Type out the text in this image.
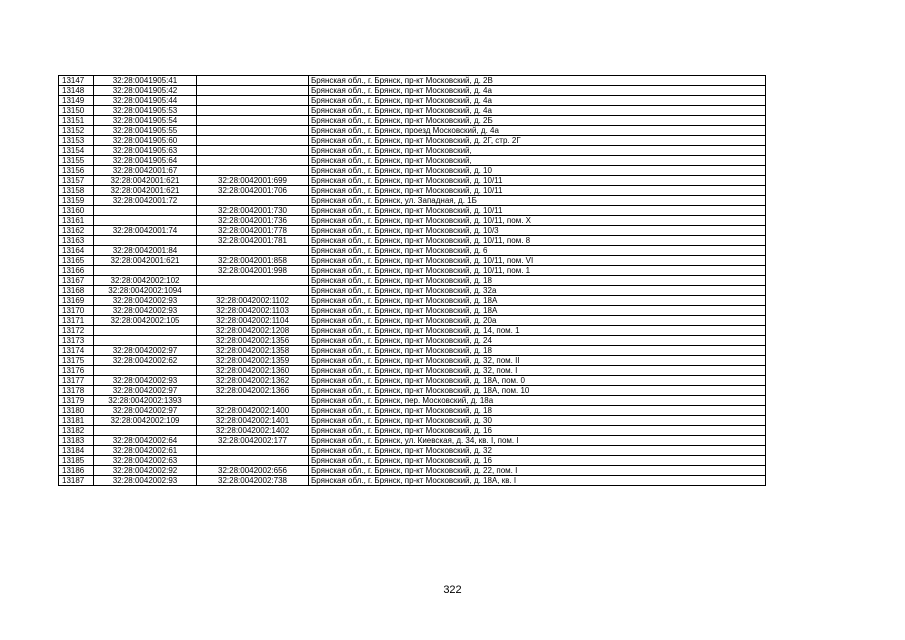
13147	32:28:0041905:41		Брянская обл., г. Брянск, пр-кт Московский, д. 2В
13148	32:28:0041905:42		Брянская обл., г. Брянск, пр-кт Московский, д. 4а
13149	32:28:0041905:44		Брянская обл., г. Брянск, пр-кт Московский, д. 4а
13150	32:28:0041905:53		Брянская обл., г. Брянск, пр-кт Московский, д. 4а
13151	32:28:0041905:54		Брянская обл., г. Брянск, пр-кт Московский, д. 2Б
13152	32:28:0041905:55		Брянская обл., г. Брянск, проезд Московский, д. 4а
13153	32:28:0041905:60		Брянская обл., г. Брянск, пр-кт Московский, д. 2Г, стр. 2Г
13154	32:28:0041905:63		Брянская обл., г. Брянск, пр-кт Московский,
13155	32:28:0041905:64		Брянская обл., г. Брянск, пр-кт Московский,
13156	32:28:0042001:67		Брянская обл., г. Брянск, пр-кт Московский, д. 10
13157	32:28:0042001:621	32:28:0042001:699	Брянская обл., г. Брянск, пр-кт Московский, д. 10/11
13158	32:28:0042001:621	32:28:0042001:706	Брянская обл., г. Брянск, пр-кт Московский, д. 10/11
13159	32:28:0042001:72		Брянская обл., г. Брянск, ул. Западная, д. 1Б
13160		32:28:0042001:730	Брянская обл., г. Брянск, пр-кт Московский, д. 10/11
13161		32:28:0042001:736	Брянская обл., г. Брянск, пр-кт Московский, д. 10/11, пом. X
13162	32:28:0042001:74	32:28:0042001:778	Брянская обл., г. Брянск, пр-кт Московский, д. 10/3
13163		32:28:0042001:781	Брянская обл., г. Брянск, пр-кт Московский, д. 10/11, пом. 8
13164	32:28:0042001:84		Брянская обл., г. Брянск, пр-кт Московский, д. 6
13165	32:28:0042001:621	32:28:0042001:858	Брянская обл., г. Брянск, пр-кт Московский, д. 10/11, пом. VI
13166		32:28:0042001:998	Брянская обл., г. Брянск, пр-кт Московский, д. 10/11, пом. 1
13167	32:28:0042002:102		Брянская обл., г. Брянск, пр-кт Московский, д. 18
13168	32:28:0042002:1094		Брянская обл., г. Брянск, пр-кт Московский, д. 32а
13169	32:28:0042002:93	32:28:0042002:1102	Брянская обл., г. Брянск, пр-кт Московский, д. 18А
13170	32:28:0042002:93	32:28:0042002:1103	Брянская обл., г. Брянск, пр-кт Московский, д. 18А
13171	32:28:0042002:105	32:28:0042002:1104	Брянская обл., г. Брянск, пр-кт Московский, д. 20а
13172		32:28:0042002:1208	Брянская обл., г. Брянск, пр-кт Московский, д. 14, пом. 1
13173		32:28:0042002:1356	Брянская обл., г. Брянск, пр-кт Московский, д. 24
13174	32:28:0042002:97	32:28:0042002:1358	Брянская обл., г. Брянск, пр-кт Московский, д. 18
13175	32:28:0042002:62	32:28:0042002:1359	Брянская обл., г. Брянск, пр-кт Московский, д. 32, пом. II
13176		32:28:0042002:1360	Брянская обл., г. Брянск, пр-кт Московский, д. 32, пом. I
13177	32:28:0042002:93	32:28:0042002:1362	Брянская обл., г. Брянск, пр-кт Московский, д. 18А, пом. 0
13178	32:28:0042002:97	32:28:0042002:1366	Брянская обл., г. Брянск, пр-кт Московский, д. 18А, пом. 10
13179	32:28:0042002:1393		Брянская обл., г. Брянск, пер. Московский, д. 18а
13180	32:28:0042002:97	32:28:0042002:1400	Брянская обл., г. Брянск, пр-кт Московский, д. 18
13181	32:28:0042002:109	32:28:0042002:1401	Брянская обл., г. Брянск, пр-кт Московский, д. 30
13182		32:28:0042002:1402	Брянская обл., г. Брянск, пр-кт Московский, д. 16
13183	32:28:0042002:64	32:28:0042002:177	Брянская обл., г. Брянск, ул. Киевская, д. 34, кв. I, пом. I
13184	32:28:0042002:61		Брянская обл., г. Брянск, пр-кт Московский, д. 32
13185	32:28:0042002:63		Брянская обл., г. Брянск, пр-кт Московский, д. 16
13186	32:28:0042002:92	32:28:0042002:656	Брянская обл., г. Брянск, пр-кт Московский, д. 22, пом. I
13187	32:28:0042002:93	32:28:0042002:738	Брянская обл., г. Брянск, пр-кт Московский, д. 18А, кв. I
322
